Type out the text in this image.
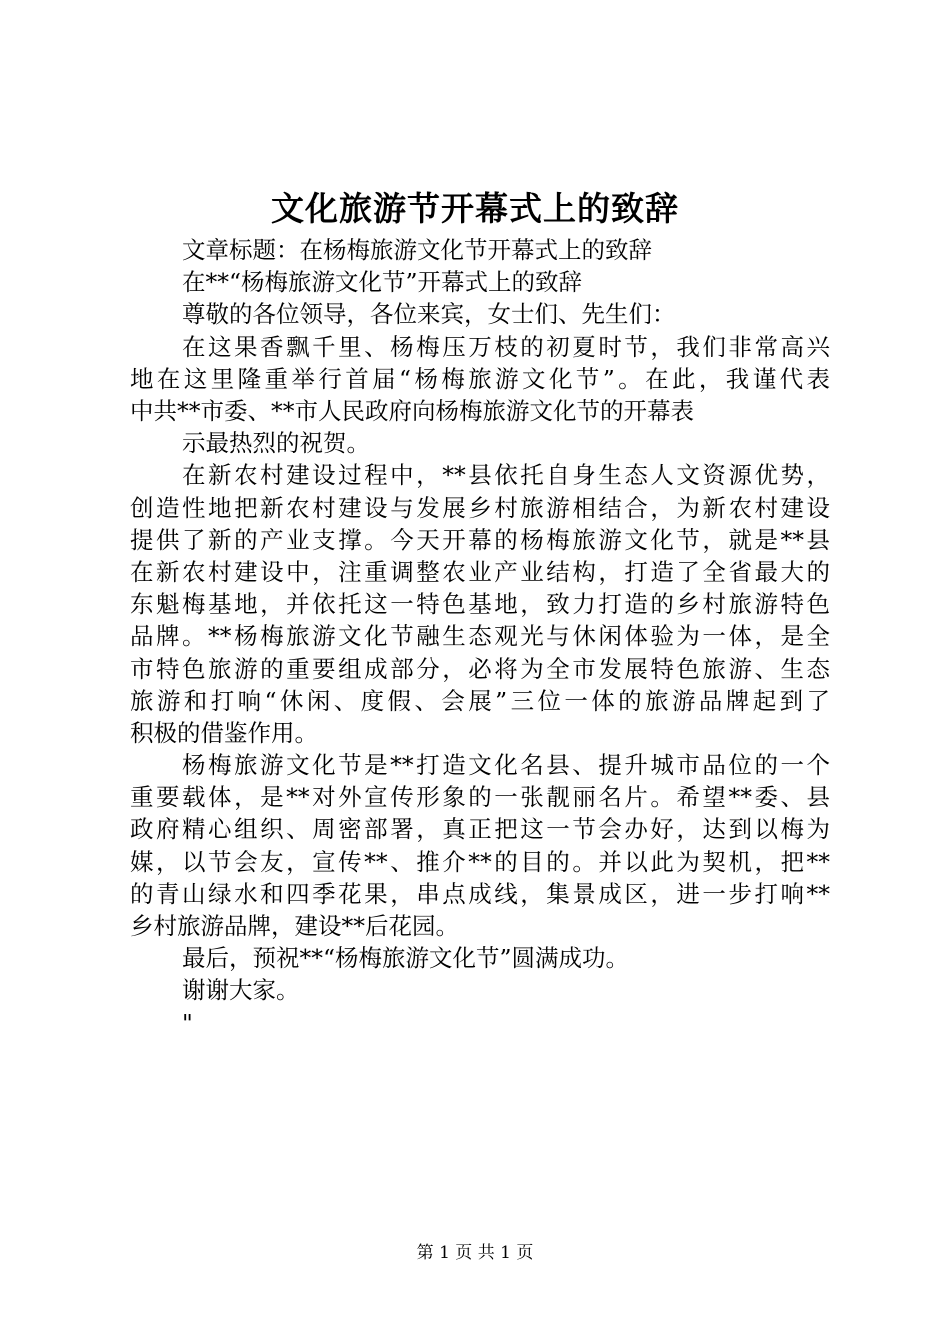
文化旅游节开幕式上的致辞
文章标题：在杨梅旅游文化节开幕式上的致辞
在**“杨梅旅游文化节”开幕式上的致辞
尊敬的各位领导，各位来宾，女士们、先生们：
在这果香飘千里、杨梅压万枝的初夏时节，我们非常高兴
地在这里隆重举行首届“杨梅旅游文化节”。在此，我谨代表
中共**市委、**市人民政府向杨梅旅游文化节的开幕表
示最热烈的祝贺。
在新农村建设过程中，**县依托自身生态人文资源优势，
创造性地把新农村建设与发展乡村旅游相结合，为新农村建设
提供了新的产业支撑。今天开幕的杨梅旅游文化节，就是**县
在新农村建设中，注重调整农业产业结构，打造了全省最大的
东魁梅基地，并依托这一特色基地，致力打造的乡村旅游特色
品牌。**杨梅旅游文化节融生态观光与休闲体验为一体，是全
市特色旅游的重要组成部分，必将为全市发展特色旅游、生态
旅游和打响“休闲、度假、会展”三位一体的旅游品牌起到了
积极的借鉴作用。
杨梅旅游文化节是**打造文化名县、提升城市品位的一个
重要载体，是**对外宣传形象的一张靓丽名片。希望**委、县
政府精心组织、周密部署，真正把这一节会办好，达到以梅为
媒，以节会友，宣传**、推介**的目的。并以此为契机，把**
的青山绿水和四季花果，串点成线，集景成区，进一步打响**
乡村旅游品牌，建设**后花园。
最后，预祝**“杨梅旅游文化节”圆满成功。
谢谢大家。
"
第 1 页 共 1 页
